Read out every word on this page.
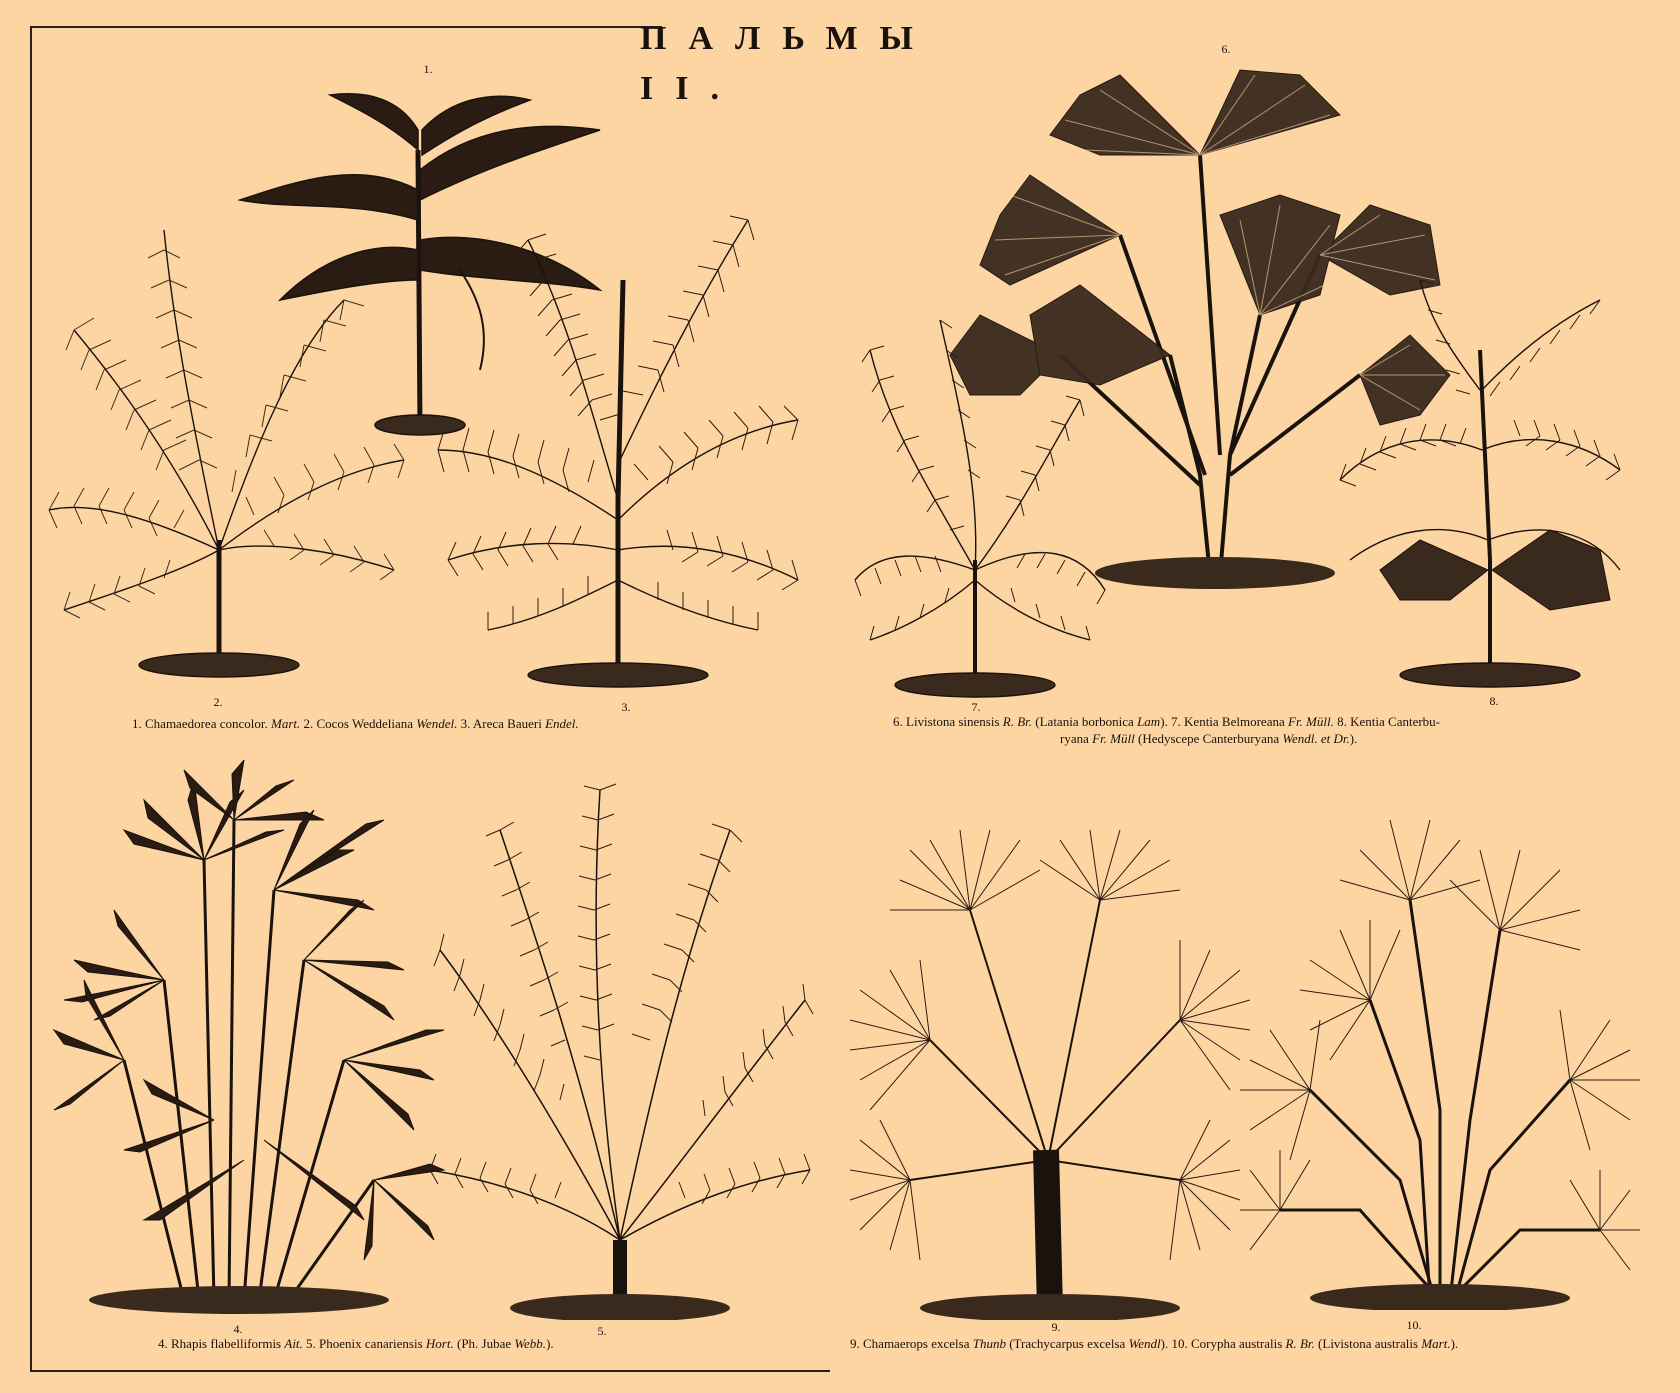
ПАЛЬМЫ II.
1.
2.	3.
1. Chamaedorea concolor. Mart. 2. Cocos Weddeliana Wendel. 3. Areca Baueri Endel.
6.
7.	8.
6. Livistona sinensis R. Br. (Latania borbonica Lam). 7. Kentia Belmoreana Fr. Müll. 8. Kentia Canterbu-
ryana Fr. Müll (Hedyscepe Canterburyana Wendl. et Dr.).
4.	5.
4. Rhapis flabelliformis Ait. 5. Phoenix canariensis Hort. (Ph. Jubae Webb.).
9.	10.
9. Chamaerops excelsa Thunb (Trachycarpus excelsa Wendl). 10. Corypha australis R. Br. (Livistona australis Mart.).
